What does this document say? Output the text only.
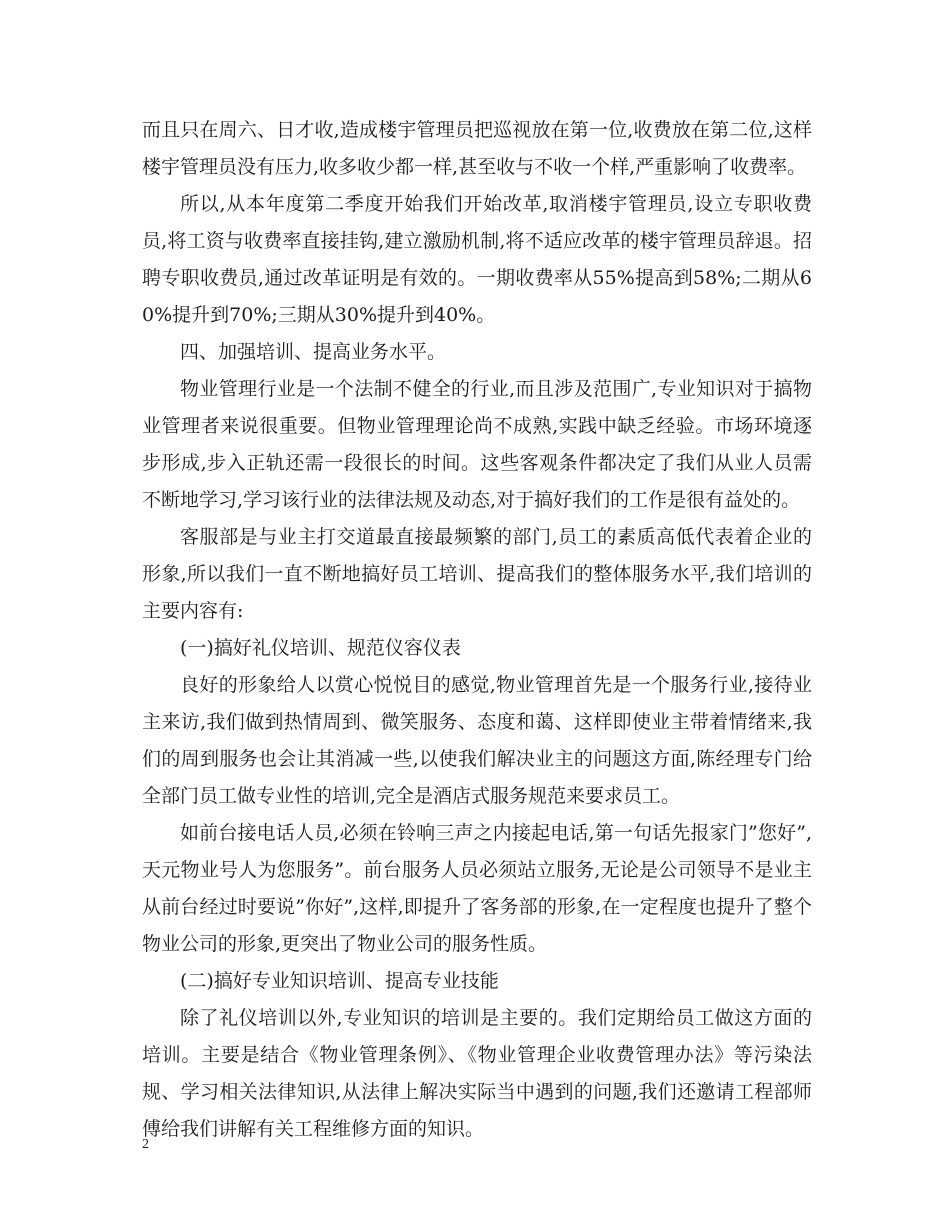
而且只在周六、日才收,造成楼宇管理员把巡视放在第一位,收费放在第二位,这样楼宇管理员没有压力,收多收少都一样,甚至收与不收一个样,严重影响了收费率。

所以,从本年度第二季度开始我们开始改革,取消楼宇管理员,设立专职收费员,将工资与收费率直接挂钩,建立激励机制,将不适应改革的楼宇管理员辞退。招聘专职收费员,通过改革证明是有效的。一期收费率从55%提高到58%;二期从60%提升到70%;三期从30%提升到40%。

四、加强培训、提高业务水平。

物业管理行业是一个法制不健全的行业,而且涉及范围广,专业知识对于搞物业管理者来说很重要。但物业管理理论尚不成熟,实践中缺乏经验。市场环境逐步形成,步入正轨还需一段很长的时间。这些客观条件都决定了我们从业人员需不断地学习,学习该行业的法律法规及动态,对于搞好我们的工作是很有益处的。

客服部是与业主打交道最直接最频繁的部门,员工的素质高低代表着企业的形象,所以我们一直不断地搞好员工培训、提高我们的整体服务水平,我们培训的主要内容有:

(一)搞好礼仪培训、规范仪容仪表

良好的形象给人以赏心悦悦目的感觉,物业管理首先是一个服务行业,接待业主来访,我们做到热情周到、微笑服务、态度和蔼、这样即使业主带着情绪来,我们的周到服务也会让其消减一些,以使我们解决业主的问题这方面,陈经理专门给全部门员工做专业性的培训,完全是酒店式服务规范来要求员工。

如前台接电话人员,必须在铃响三声之内接起电话,第一句话先报家门”您好”,天元物业号人为您服务”。前台服务人员必须站立服务,无论是公司领导不是业主从前台经过时要说”你好”,这样,即提升了客务部的形象,在一定程度也提升了整个物业公司的形象,更突出了物业公司的服务性质。

(二)搞好专业知识培训、提高专业技能

除了礼仪培训以外,专业知识的培训是主要的。我们定期给员工做这方面的培训。主要是结合《物业管理条例》、《物业管理企业收费管理办法》等污染法规、学习相关法律知识,从法律上解决实际当中遇到的问题,我们还邀请工程部师傅给我们讲解有关工程维修方面的知识。

2
